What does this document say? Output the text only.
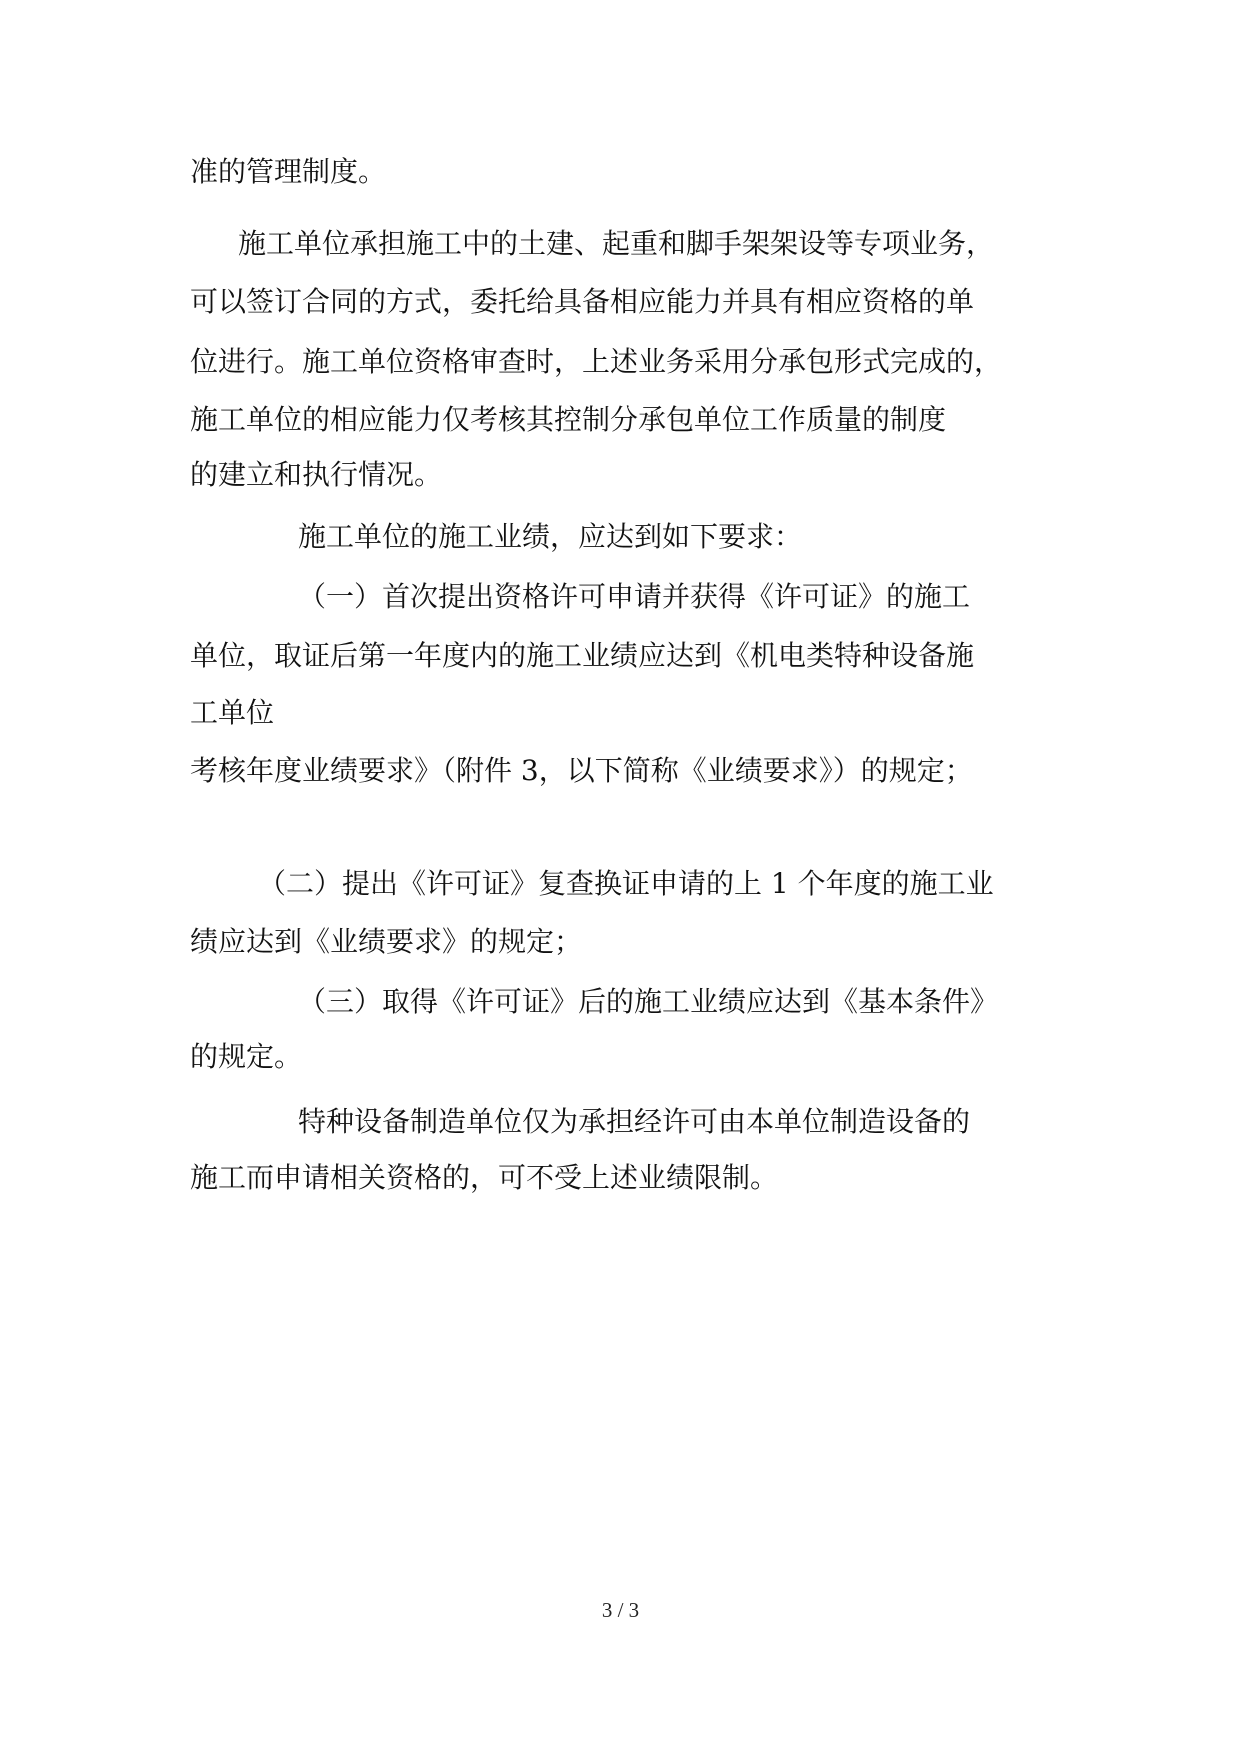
准的管理制度。

施工单位承担施工中的土建、起重和脚手架架设等专项业务，

可以签订合同的方式，委托给具备相应能力并具有相应资格的单

位进行。施工单位资格审查时，上述业务采用分承包形式完成的，

施工单位的相应能力仅考核其控制分承包单位工作质量的制度

的建立和执行情况。

施工单位的施工业绩，应达到如下要求：

（一）首次提出资格许可申请并获得《许可证》的施工

单位，取证后第一年度内的施工业绩应达到《机电类特种设备施

工单位

考核年度业绩要求》（附件 3，以下简称《业绩要求》）的规定；

（二）提出《许可证》复查换证申请的上 1 个年度的施工业

绩应达到《业绩要求》的规定；

（三）取得《许可证》后的施工业绩应达到《基本条件》

的规定。

特种设备制造单位仅为承担经许可由本单位制造设备的

施工而申请相关资格的，可不受上述业绩限制。

3 / 3
